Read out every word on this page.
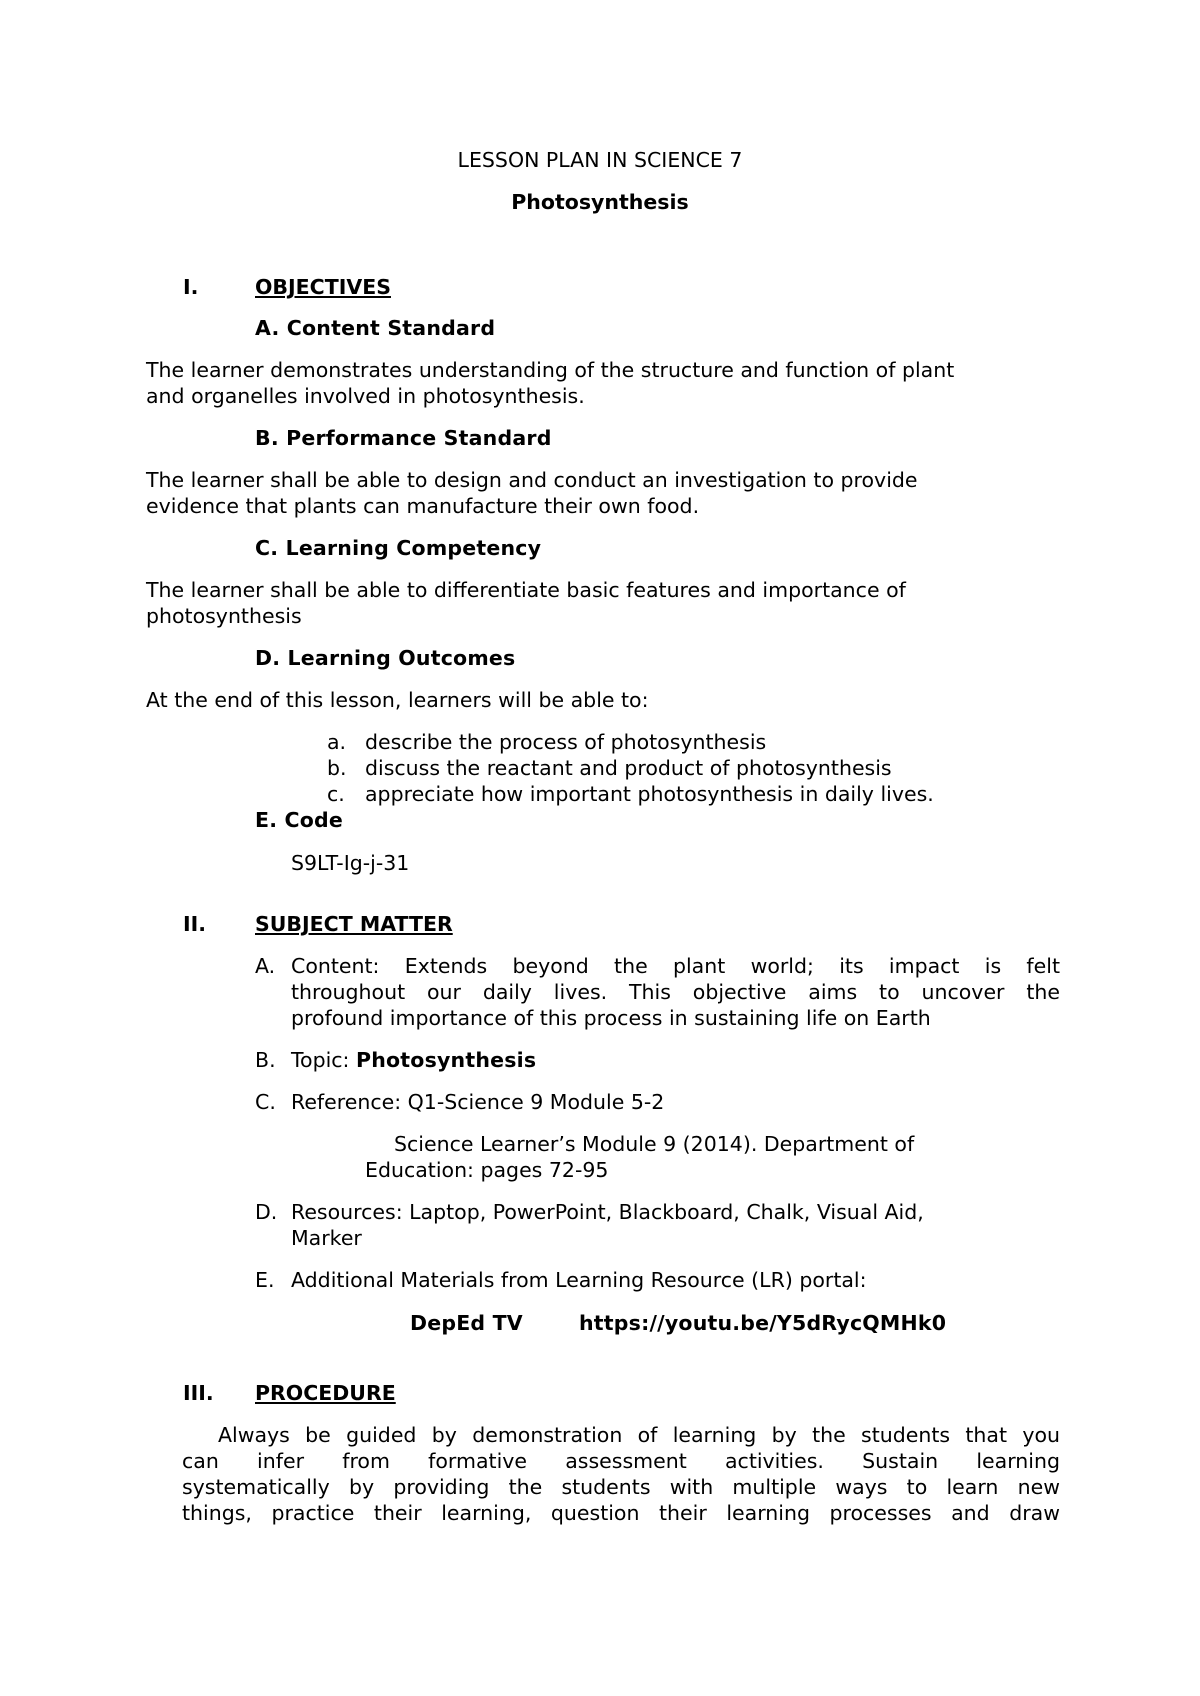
LESSON PLAN IN SCIENCE 7
Photosynthesis
I.	OBJECTIVES
A. Content Standard
The learner demonstrates understanding of the structure and function of plant
and organelles involved in photosynthesis.
B. Performance Standard
The learner shall be able to design and conduct an investigation to provide
evidence that plants can manufacture their own food.
C. Learning Competency
The learner shall be able to differentiate basic features and importance of
photosynthesis
D. Learning Outcomes
At the end of this lesson, learners will be able to:
a. describe the process of photosynthesis
b. discuss the reactant and product of photosynthesis
c. appreciate how important photosynthesis in daily lives.
E. Code
S9LT-Ig-j-31
II. SUBJECT MATTER
A. Content: Extends beyond the plant world; its impact is felt
throughout our daily lives. This objective aims to uncover the
profound importance of this process in sustaining life on Earth
B. Topic: Photosynthesis
C. Reference: Q1-Science 9 Module 5-2
Science Learner’s Module 9 (2014). Department of
Education: pages 72-95
D. Resources: Laptop, PowerPoint, Blackboard, Chalk, Visual Aid,
Marker
E. Additional Materials from Learning Resource (LR) portal:
DepEd TV	https://youtu.be/Y5dRycQMHk0
III. PROCEDURE
Always be guided by demonstration of learning by the students that you
can infer from formative assessment activities. Sustain learning
systematically by providing the students with multiple ways to learn new
things, practice their learning, question their learning processes and draw
